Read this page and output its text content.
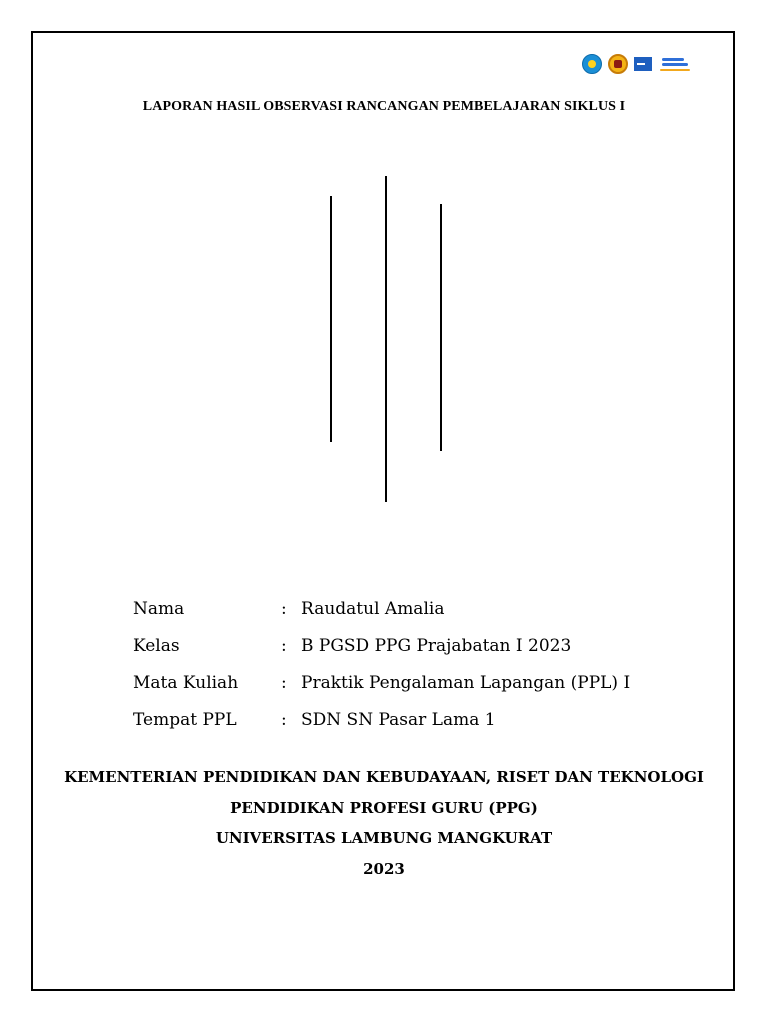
LAPORAN HASIL OBSERVASI RANCANGAN PEMBELAJARAN SIKLUS I
Nama	: Raudatul Amalia
Kelas	: B PGSD PPG Prajabatan I 2023
Mata Kuliah	: Praktik Pengalaman Lapangan (PPL) I
Tempat PPL	: SDN SN Pasar Lama 1
KEMENTERIAN PENDIDIKAN DAN KEBUDAYAAN, RISET DAN TEKNOLOGI
PENDIDIKAN PROFESI GURU (PPG)
UNIVERSITAS LAMBUNG MANGKURAT
2023
